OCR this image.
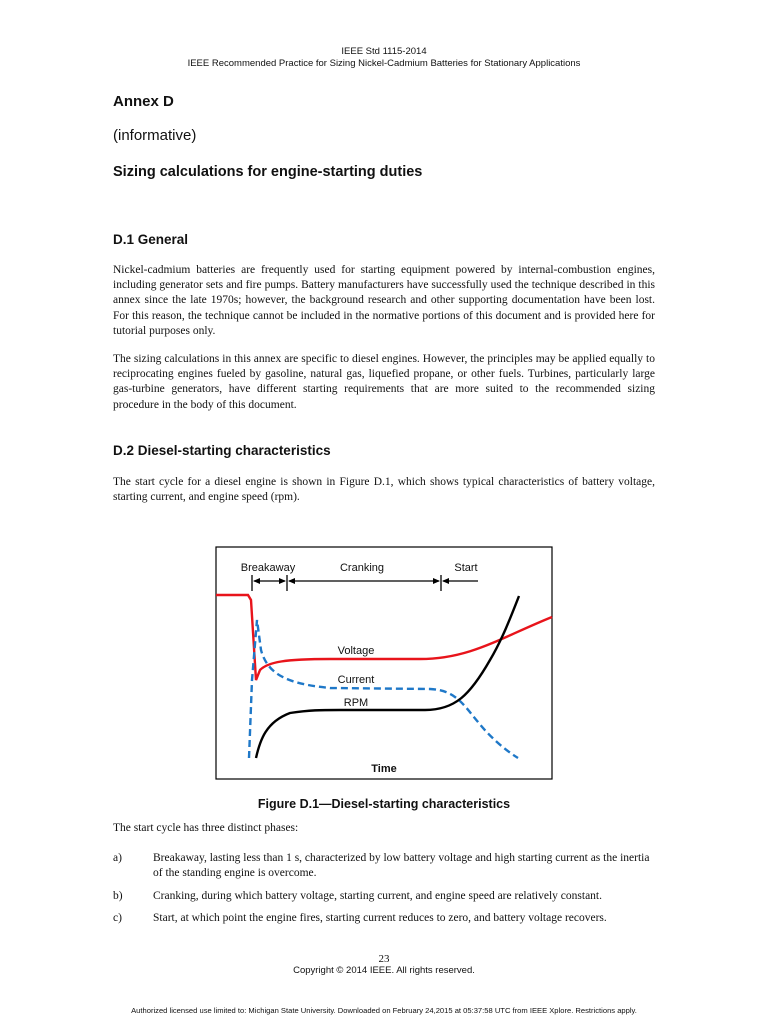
IEEE Std 1115-2014
IEEE Recommended Practice for Sizing Nickel-Cadmium Batteries for Stationary Applications
Annex D
(informative)
Sizing calculations for engine-starting duties
D.1 General
Nickel-cadmium batteries are frequently used for starting equipment powered by internal-combustion engines, including generator sets and fire pumps. Battery manufacturers have successfully used the technique described in this annex since the late 1970s; however, the background research and other supporting documentation have been lost. For this reason, the technique cannot be included in the normative portions of this document and is provided here for tutorial purposes only.
The sizing calculations in this annex are specific to diesel engines. However, the principles may be applied equally to reciprocating engines fueled by gasoline, natural gas, liquefied propane, or other fuels. Turbines, particularly large gas-turbine generators, have different starting requirements that are more suited to the recommended sizing procedure in the body of this document.
D.2 Diesel-starting characteristics
The start cycle for a diesel engine is shown in Figure D.1, which shows typical characteristics of battery voltage, starting current, and engine speed (rpm).
Breakaway	Cranking	Start
Voltage
Current
RPM
Time
Figure D.1—Diesel-starting characteristics
The start cycle has three distinct phases:
a)	Breakaway, lasting less than 1 s, characterized by low battery voltage and high starting current as the inertia of the standing engine is overcome.
b)	Cranking, during which battery voltage, starting current, and engine speed are relatively constant.
c)	Start, at which point the engine fires, starting current reduces to zero, and battery voltage recovers.
23
Copyright © 2014 IEEE. All rights reserved.
Authorized licensed use limited to: Michigan State University. Downloaded on February 24,2015 at 05:37:58 UTC from IEEE Xplore. Restrictions apply.
